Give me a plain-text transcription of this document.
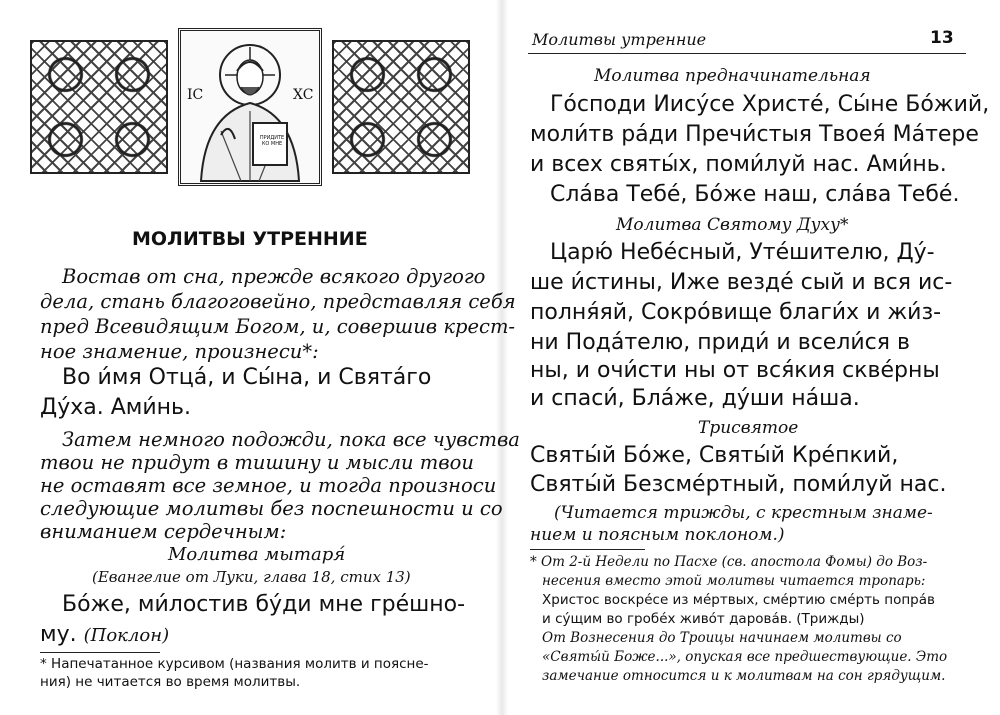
IC	XC
ПРИДИТЕ КО МНЕ
МОЛИТВЫ УТРЕННИЕ
Востав от сна, прежде всякого другого
дела, стань благоговейно, представляя себя
пред Всевидящим Богом, и, совершив крест-
ное знамение, произнеси*:
Во и́мя Отца́, и Сы́на, и Свята́го
Ду́ха. Ами́нь.
Затем немного подожди, пока все чувства
твои не придут в тишину и мысли твои
не оставят все земное, и тогда произноси
следующие молитвы без поспешности и со
вниманием сердечным:
Молитва мытаря́
(Евангелие от Луки, глава 18, стих 13)
Бо́же, ми́лостив бу́ди мне гре́шно-
му. (Поклон)
* Напечатанное курсивом (названия молитв и поясне-
ния) не читается во время молитвы.
Молитвы утренние	13
Молитва предначинательная
Го́споди Иису́се Христе́, Сы́не Бо́жий,
моли́тв ра́ди Пречи́стыя Твоея́ Ма́тере
и всех святы́х, поми́луй нас. Ами́нь.
Сла́ва Тебе́, Бо́же наш, сла́ва Тебе́.
Молитва Святому Духу*
Царю́ Небе́сный, Уте́шителю, Ду́-
ше и́стины, Иже везде́ сый и вся ис-
полня́яй, Сокро́вище благи́х и жи́з-
ни Пода́телю, приди́ и всели́ся в
ны, и очи́сти ны от вся́кия скве́рны
и спаси́, Бла́же, ду́ши на́ша.
Трисвятое
Святы́й Бо́же, Святы́й Кре́пкий,
Святы́й Безсме́ртный, поми́луй нас.
(Читается трижды, с крестным знаме-
нием и поясным поклоном.)
* От 2-й Недели по Пасхе (св. апостола Фомы) до Воз-
несения вместо этой молитвы читается тропарь:
Христос воскре́се из ме́ртвых, сме́ртию сме́рть попра́в
и су́щим во гробе́х живо́т дарова́в. (Трижды)
От Вознесения до Троицы начинаем молитвы со
«Святы́й Боже...», опуская все предшествующие. Это
замечание относится и к молитвам на сон грядущим.
